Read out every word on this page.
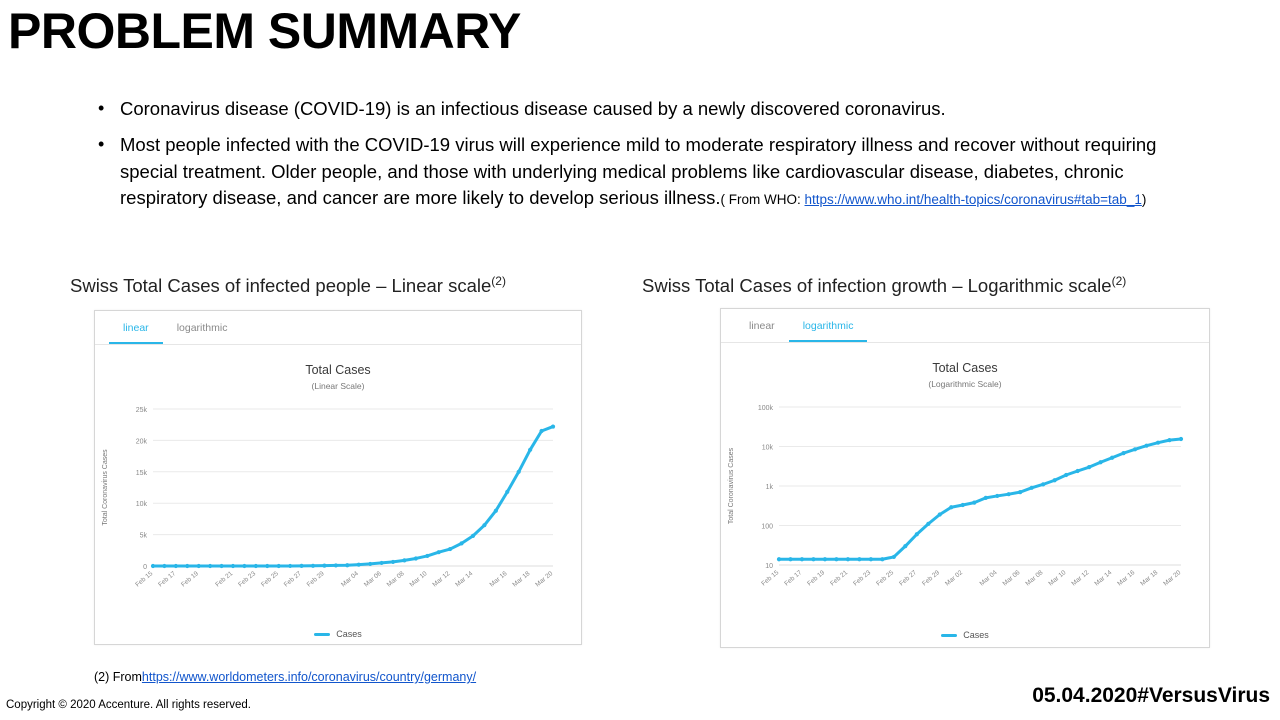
PROBLEM SUMMARY
• Coronavirus disease (COVID-19) is an infectious disease caused by a newly discovered coronavirus.
• Most people infected with the COVID-19 virus will experience mild to moderate respiratory illness and recover without requiring special treatment. Older people, and those with underlying medical problems like cardiovascular disease, diabetes, chronic respiratory disease, and cancer are more likely to develop serious illness.( From WHO: https://www.who.int/health-topics/coronavirus#tab=tab_1)
Swiss Total Cases of infected people – Linear scale$^{(2)}$
linear	logarithmic
Total Cases
(Linear Scale)
0
5k
10k
15k
20k
25k
Feb 15 Feb 17 Feb 19 Feb 21 Feb 23 Feb 25 Feb 27 Feb 29 Mar 04 Mar 06 Mar 08 Mar 10 Mar 12 Mar 14 Mar 16 Mar 18 Mar 20
Total Coronavirus Cases
Cases
Swiss Total Cases of infection growth – Logarithmic scale$^{(2)}$
linear	logarithmic
Total Cases
(Logarithmic Scale)
10
100
1k
10k
100k
Feb 15 Feb 17 Feb 19 Feb 21 Feb 23 Feb 25 Feb 27 Feb 29 Mar 02 Mar 04 Mar 06 Mar 08 Mar 10 Mar 12 Mar 14 Mar 16 Mar 18 Mar 20
Total Coronavirus Cases
Cases
(2) Fromhttps://www.worldometers.info/coronavirus/country/germany/
Copyright © 2020 Accenture. All rights reserved.	05.04.2020#VersusVirus
